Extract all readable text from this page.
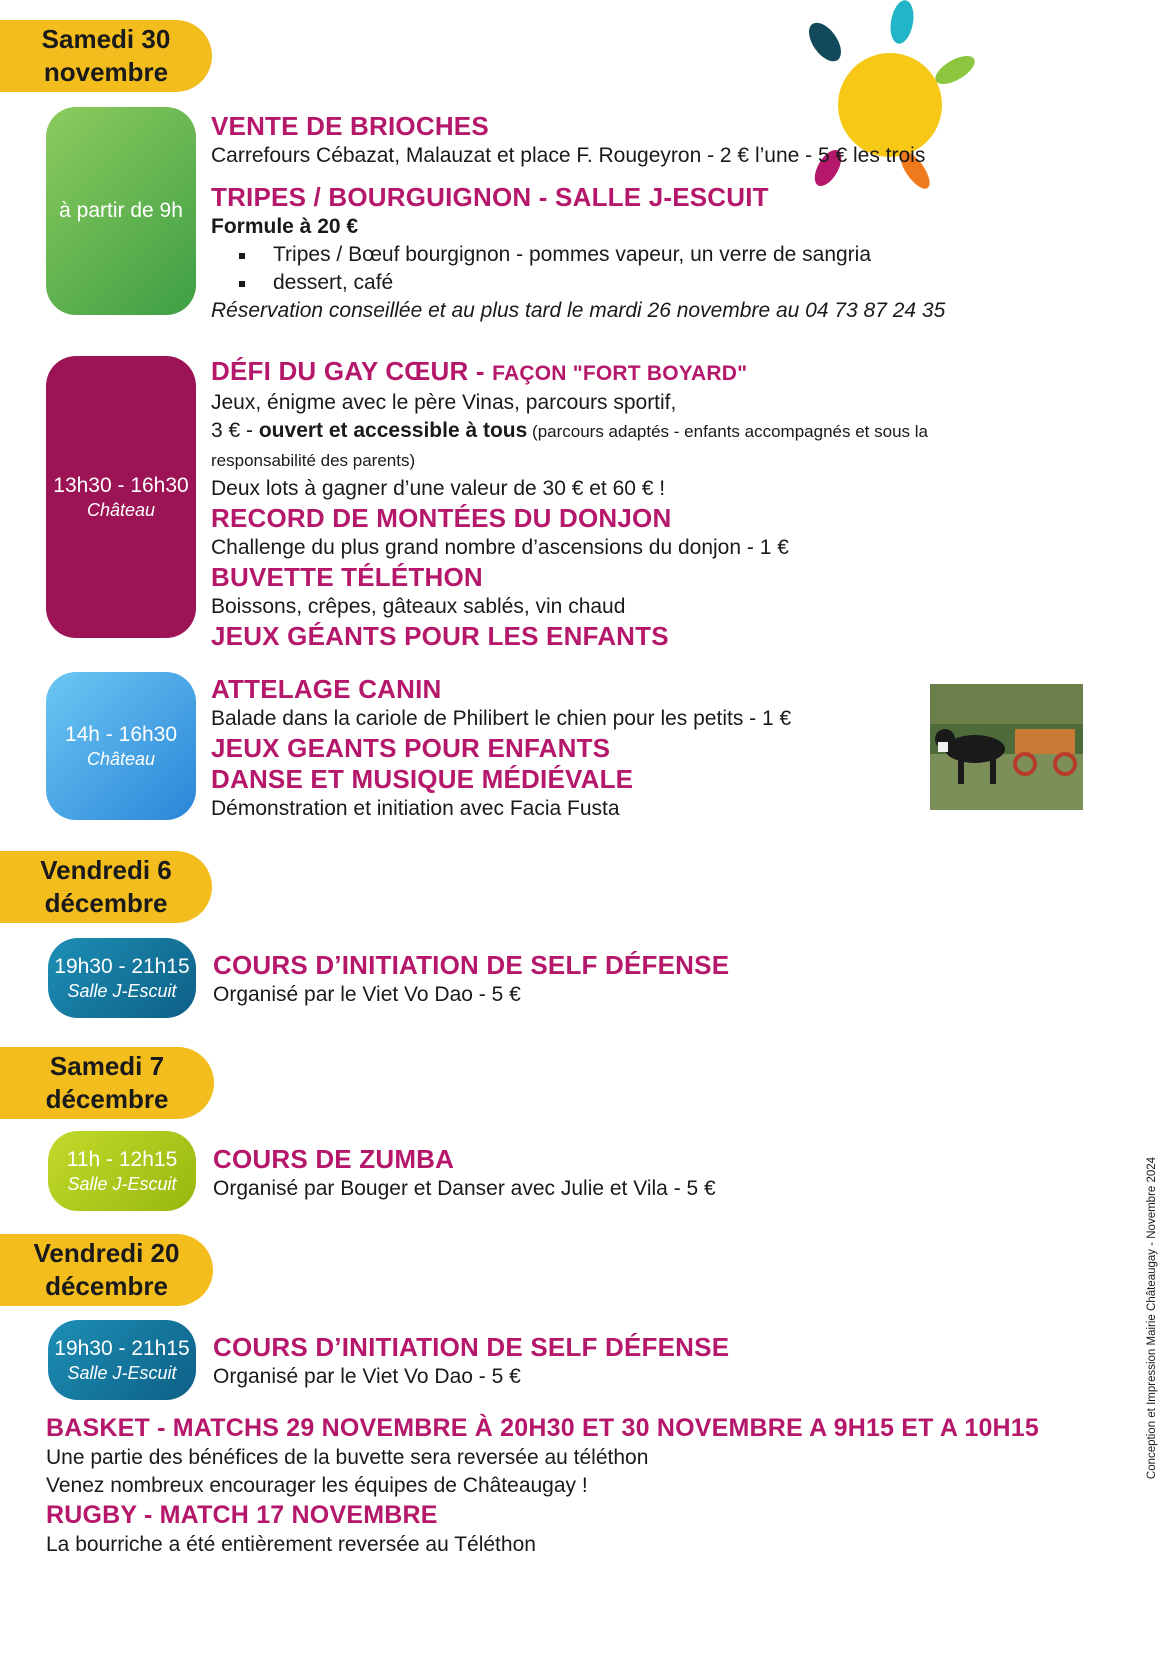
Samedi 30
novembre
à partir de 9h
VENTE DE BRIOCHES
Carrefours Cébazat, Malauzat et place F. Rougeyron - 2 € l’une - 5 € les trois
TRIPES / BOURGUIGNON - SALLE J-ESCUIT
Formule à 20 €
Tripes / Bœuf bourgignon - pommes vapeur, un verre de sangria
dessert, café
Réservation conseillée et au plus tard le mardi 26 novembre au 04 73 87 24 35
13h30 - 16h30
Château
DÉFI DU GAY CŒUR - FAÇON "FORT BOYARD"
Jeux, énigme avec le père Vinas, parcours sportif,
3 € - ouvert et accessible à tous (parcours adaptés - enfants accompagnés et sous la responsabilité des parents)
Deux lots à gagner d’une valeur de 30 € et 60 € !
RECORD DE MONTÉES DU DONJON
Challenge du plus grand nombre d’ascensions du donjon - 1 €
BUVETTE TÉLÉTHON
Boissons, crêpes, gâteaux sablés, vin chaud
JEUX GÉANTS POUR LES ENFANTS
14h - 16h30
Château
ATTELAGE CANIN
Balade dans la cariole de Philibert le chien pour les petits - 1 €
JEUX GEANTS POUR ENFANTS
DANSE ET MUSIQUE MÉDIÉVALE
Démonstration et initiation avec Facia Fusta
Vendredi 6
décembre
19h30 - 21h15
Salle J-Escuit
COURS D’INITIATION DE SELF DÉFENSE
Organisé par le Viet Vo Dao - 5 €
Samedi 7
décembre
11h - 12h15
Salle J-Escuit
COURS DE ZUMBA
Organisé par Bouger et Danser avec Julie et Vila - 5 €
Vendredi 20
décembre
19h30 - 21h15
Salle J-Escuit
COURS D’INITIATION DE SELF DÉFENSE
Organisé par le Viet Vo Dao - 5 €
BASKET - MATCHS 29 NOVEMBRE À 20H30 ET 30 NOVEMBRE A 9H15 ET A 10H15
Une partie des bénéfices de la buvette sera reversée au téléthon
Venez nombreux encourager les équipes de Châteaugay !
RUGBY - MATCH 17 NOVEMBRE
La bourriche a été entièrement reversée au Téléthon
Conception et Impression Mairie Châteaugay - Novembre 2024
